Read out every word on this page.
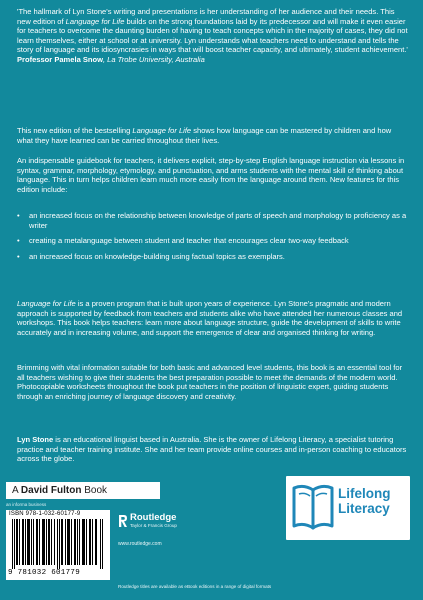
'The hallmark of Lyn Stone's writing and presentations is her understanding of her audience and their needs. This new edition of Language for Life builds on the strong foundations laid by its predecessor and will make it even easier for teachers to overcome the daunting burden of having to teach concepts which in the majority of cases, they did not learn themselves, either at school or at university. Lyn understands what teachers need to understand and tells the story of language and its idiosyncrasies in ways that will boost teacher capacity, and ultimately, student achievement.'
Professor Pamela Snow, La Trobe University, Australia

This new edition of the bestselling Language for Life shows how language can be mastered by children and how what they have learned can be carried throughout their lives.

An indispensable guidebook for teachers, it delivers explicit, step-by-step English language instruction via lessons in syntax, grammar, morphology, etymology, and punctuation, and arms students with the mental skill of thinking about language. This in turn helps children learn much more easily from the language around them. New features for this edition include:

•
an increased focus on the relationship between knowledge of parts of speech and morphology to proficiency as a writer
•
creating a metalanguage between student and teacher that encourages clear two-way feedback
•
an increased focus on knowledge-building using factual topics as exemplars.

Language for Life is a proven program that is built upon years of experience. Lyn Stone's pragmatic and modern approach is supported by feedback from teachers and students alike who have attended her numerous classes and workshops. This book helps teachers: learn more about language structure, guide the development of skills to write accurately and in increasing volume, and support the emergence of clear and organised thinking for writing.

Brimming with vital information suitable for both basic and advanced level students, this book is an essential tool for all teachers wishing to give their students the best preparation possible to meet the demands of the modern world. Photocopiable worksheets throughout the book put teachers in the position of linguistic expert, guiding students through an enriching journey of language discovery and creativity.

Lyn Stone is an educational linguist based in Australia. She is the owner of Lifelong Literacy, a specialist tutoring practice and teacher training institute. She and her team provide online courses and in-person coaching to educators across the globe.

A David Fulton Book
an informa business
ISBN 978-1-032-60177-9
9 781032 601779
Routledge
Taylor & Francis Group
www.routledge.com
Lifelong
Literacy
Routledge titles are available as eBook editions in a range of digital formats
